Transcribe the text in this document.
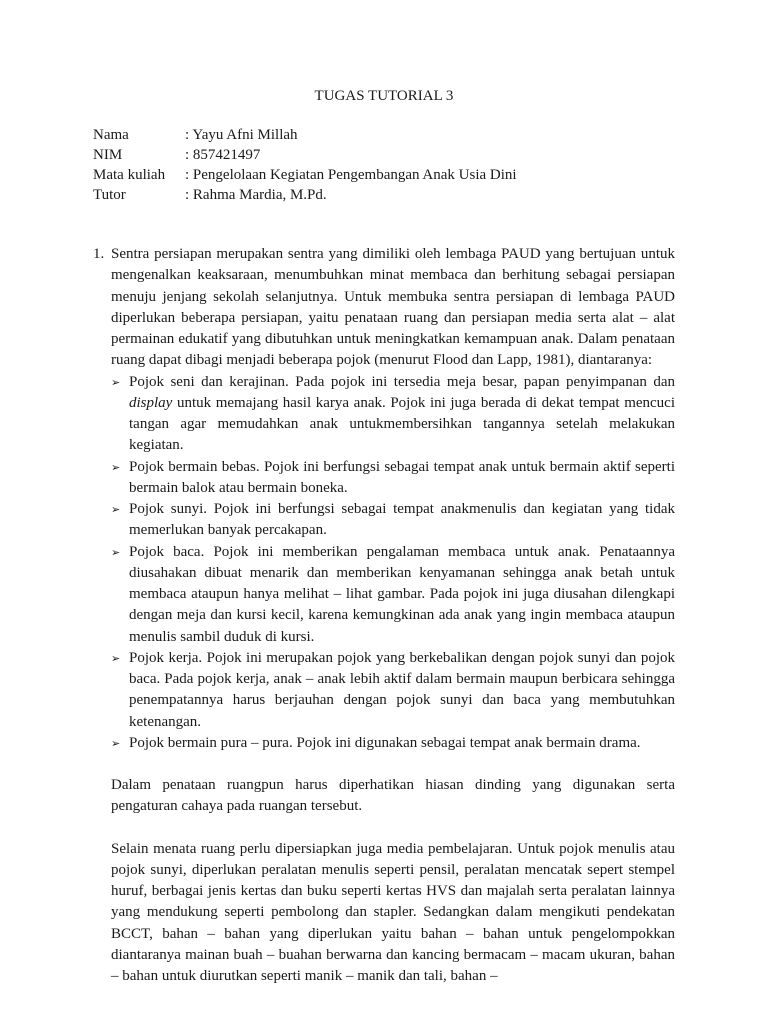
TUGAS TUTORIAL 3
Nama	: Yayu Afni Millah
NIM	: 857421497
Mata kuliah	: Pengelolaan Kegiatan Pengembangan Anak Usia Dini
Tutor	: Rahma Mardia, M.Pd.
1. Sentra persiapan merupakan sentra yang dimiliki oleh lembaga PAUD yang bertujuan untuk mengenalkan keaksaraan, menumbuhkan minat membaca dan berhitung sebagai persiapan menuju jenjang sekolah selanjutnya. Untuk membuka sentra persiapan di lembaga PAUD diperlukan beberapa persiapan, yaitu penataan ruang dan persiapan media serta alat – alat permainan edukatif yang dibutuhkan untuk meningkatkan kemampuan anak. Dalam penataan ruang dapat dibagi menjadi beberapa pojok (menurut Flood dan Lapp, 1981), diantaranya:
➢ Pojok seni dan kerajinan. Pada pojok ini tersedia meja besar, papan penyimpanan dan display untuk memajang hasil karya anak. Pojok ini juga berada di dekat tempat mencuci tangan agar memudahkan anak untukmembersihkan tangannya setelah melakukan kegiatan.
➢ Pojok bermain bebas. Pojok ini berfungsi sebagai tempat anak untuk bermain aktif seperti bermain balok atau bermain boneka.
➢ Pojok sunyi. Pojok ini berfungsi sebagai tempat anakmenulis dan kegiatan yang tidak memerlukan banyak percakapan.
➢ Pojok baca. Pojok ini memberikan pengalaman membaca untuk anak. Penataannya diusahakan dibuat menarik dan memberikan kenyamanan sehingga anak betah untuk membaca ataupun hanya melihat – lihat gambar. Pada pojok ini juga diusahan dilengkapi dengan meja dan kursi kecil, karena kemungkinan ada anak yang ingin membaca ataupun menulis sambil duduk di kursi.
➢ Pojok kerja. Pojok ini merupakan pojok yang berkebalikan dengan pojok sunyi dan pojok baca. Pada pojok kerja, anak – anak lebih aktif dalam bermain maupun berbicara sehingga penempatannya harus berjauhan dengan pojok sunyi dan baca yang membutuhkan ketenangan.
➢ Pojok bermain pura – pura. Pojok ini digunakan sebagai tempat anak bermain drama.
Dalam penataan ruangpun harus diperhatikan hiasan dinding yang digunakan serta pengaturan cahaya pada ruangan tersebut.
Selain menata ruang perlu dipersiapkan juga media pembelajaran. Untuk pojok menulis atau pojok sunyi, diperlukan peralatan menulis seperti pensil, peralatan mencatak sepert stempel huruf, berbagai jenis kertas dan buku seperti kertas HVS dan majalah serta peralatan lainnya yang mendukung seperti pembolong dan stapler. Sedangkan dalam mengikuti pendekatan BCCT, bahan – bahan yang diperlukan yaitu bahan – bahan untuk pengelompokkan diantaranya mainan buah – buahan berwarna dan kancing bermacam – macam ukuran, bahan – bahan untuk diurutkan seperti manik – manik dan tali, bahan –
